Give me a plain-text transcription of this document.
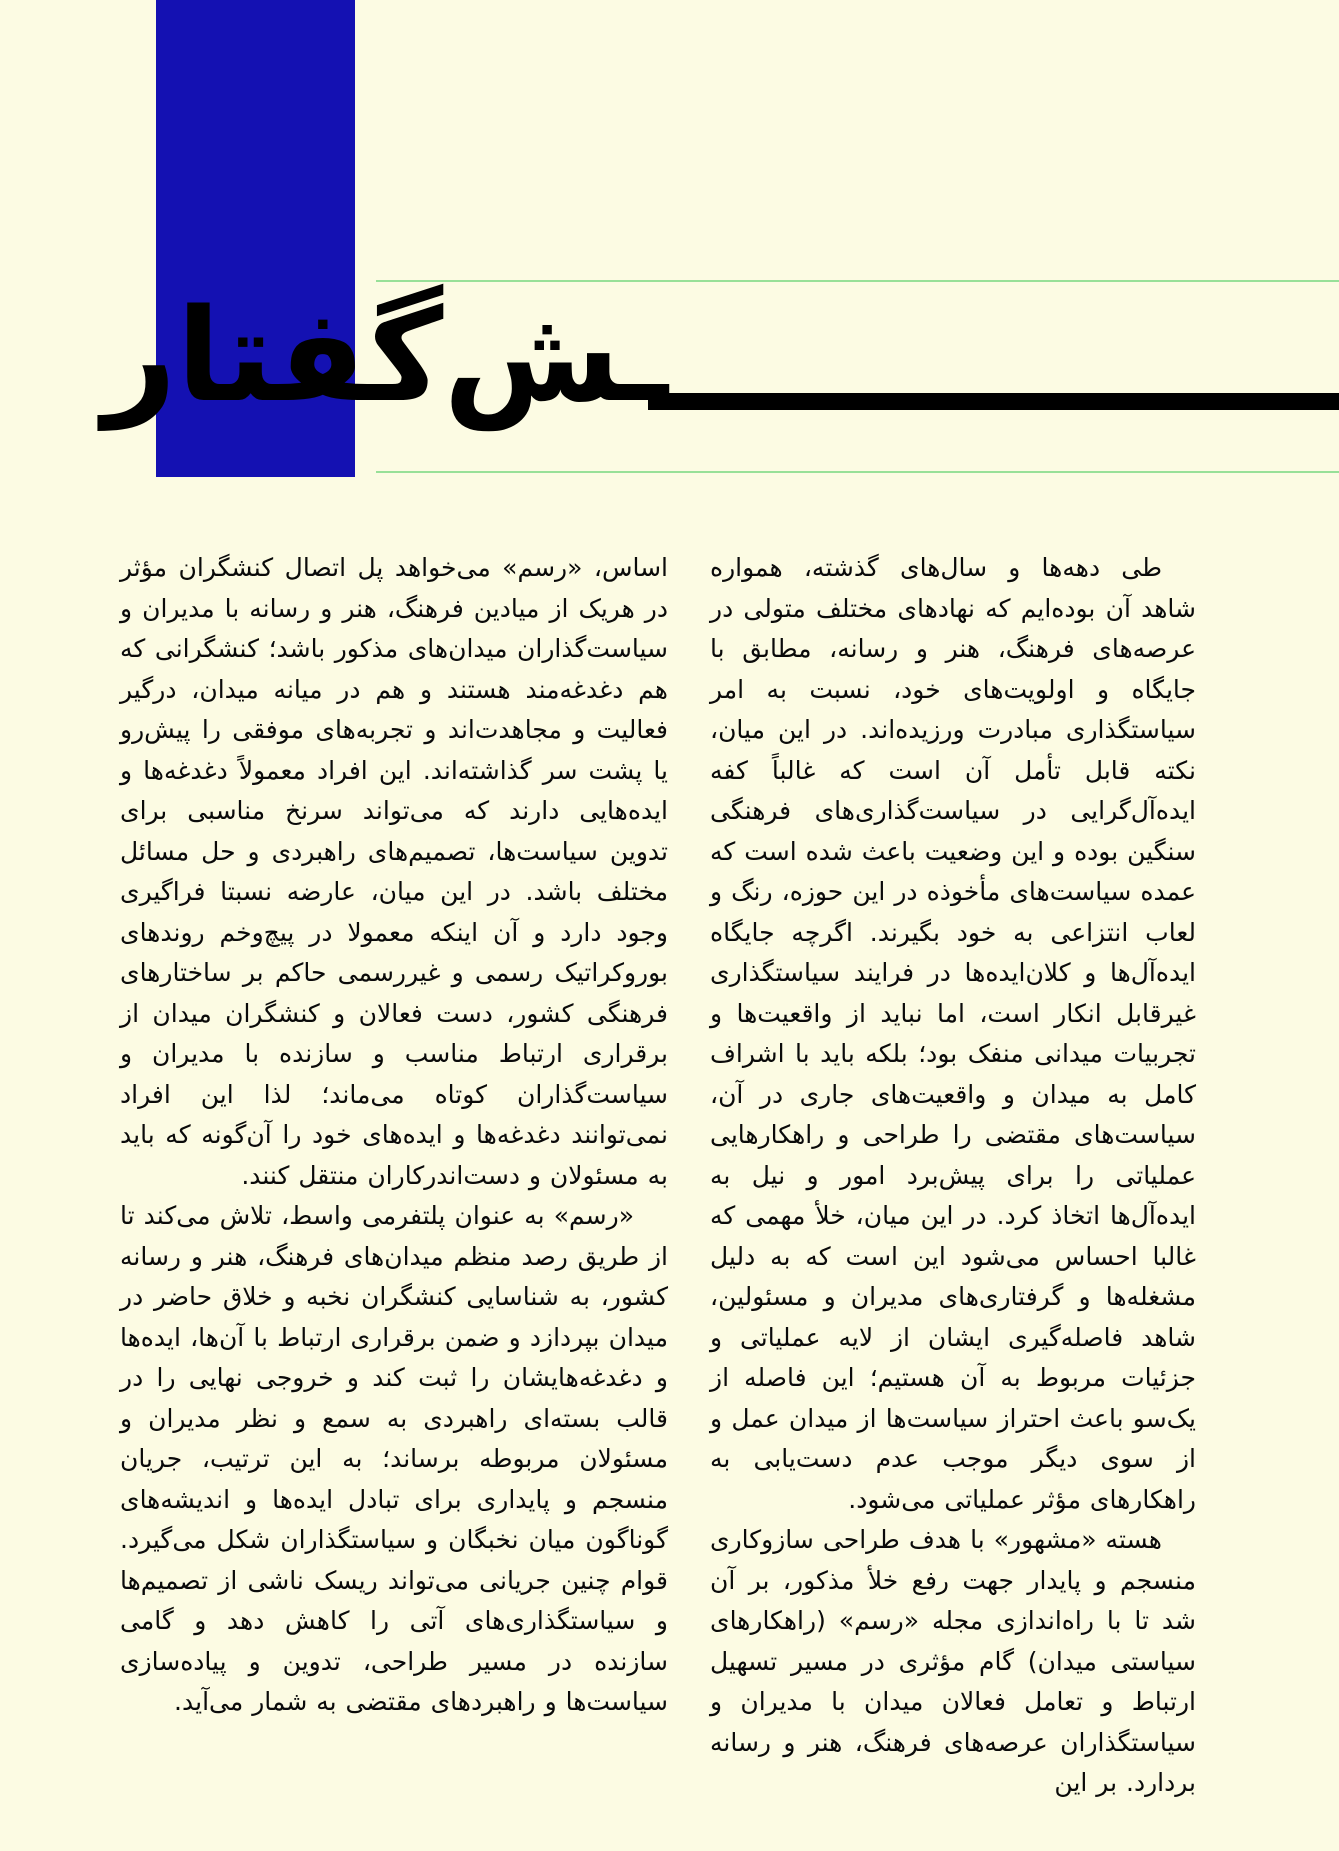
ـش‌گفتار

طی دهه‌ها و سال‌های گذشته، همواره شاهد آن بوده‌ایم که نهادهای مختلف متولی در عرصه‌های فرهنگ، هنر و رسانه، مطابق با جایگاه و اولویت‌های خود، نسبت به امر سیاستگذاری مبادرت ورزیده‌اند. در این میان، نکته قابل تأمل آن است که غالباً کفه ایده‌آل‌گرایی در سیاست‌گذاری‌های فرهنگی سنگین بوده و این وضعیت باعث شده است که عمده سیاست‌های مأخوذه در این حوزه، رنگ و لعاب انتزاعی به خود بگیرند. اگرچه جایگاه ایده‌آل‌ها و کلان‌ایده‌ها در فرایند سیاستگذاری غیرقابل انکار است، اما نباید از واقعیت‌ها و تجربیات میدانی منفک بود؛ بلکه باید با اشراف کامل به میدان و واقعیت‌های جاری در آن، سیاست‌های مقتضی را طراحی و راهکارهایی عملیاتی را برای پیش‌برد امور و نیل به ایده‌آل‌ها اتخاذ کرد. در این میان، خلأ مهمی که غالبا احساس می‌شود این است که به دلیل مشغله‌ها و گرفتاری‌های مدیران و مسئولین، شاهد فاصله‌گیری ایشان از لایه عملیاتی و جزئیات مربوط به آن هستیم؛ این فاصله از یک‌سو باعث احتراز سیاست‌ها از میدان عمل و از سوی دیگر موجب عدم دست‌یابی به راهکارهای مؤثر عملیاتی می‌شود.

هسته «مشهور» با هدف طراحی سازوکاری منسجم و پایدار جهت رفع خلأ مذکور، بر آن شد تا با راه‌اندازی مجله «رسم» (راهکارهای سیاستی میدان) گام مؤثری در مسیر تسهیل ارتباط و تعامل فعالان میدان با مدیران و سیاستگذاران عرصه‌های فرهنگ، هنر و رسانه بردارد. بر این

اساس، «رسم» می‌خواهد پل اتصال کنشگران مؤثر در هریک از میادین فرهنگ، هنر و رسانه با مدیران و سیاست‌گذاران میدان‌های مذکور باشد؛ کنشگرانی که هم دغدغه‌مند هستند و هم در میانه میدان، درگیر فعالیت و مجاهدت‌اند و تجربه‌های موفقی را پیش‌رو یا پشت سر گذاشته‌اند. این افراد معمولاً دغدغه‌ها و ایده‌هایی دارند که می‌تواند سرنخ مناسبی برای تدوین سیاست‌ها، تصمیم‌های راهبردی و حل مسائل مختلف باشد. در این میان، عارضه نسبتا فراگیری وجود دارد و آن اینکه معمولا در پیچ‌وخم روندهای بوروکراتیک رسمی و غیررسمی حاکم بر ساختارهای فرهنگی کشور، دست فعالان و کنشگران میدان از برقراری ارتباط مناسب و سازنده با مدیران و سیاست‌گذاران کوتاه می‌ماند؛ لذا این افراد نمی‌توانند دغدغه‌ها و ایده‌های خود را آن‌گونه که باید به مسئولان و دست‌اندرکاران منتقل کنند.

«رسم» به عنوان پلتفرمی واسط، تلاش می‌کند تا از طریق رصد منظم میدان‌های فرهنگ، هنر و رسانه کشور، به شناسایی کنشگران نخبه و خلاق حاضر در میدان بپردازد و ضمن برقراری ارتباط با آن‌ها، ایده‌ها و دغدغه‌هایشان را ثبت کند و خروجی نهایی را در قالب بسته‌ای راهبردی به سمع و نظر مدیران و مسئولان مربوطه برساند؛ به این ترتیب، جریان منسجم و پایداری برای تبادل ایده‌ها و اندیشه‌های گوناگون میان نخبگان و سیاستگذاران شکل می‌گیرد. قوام چنین جریانی می‌تواند ریسک ناشی از تصمیم‌ها و سیاستگذاری‌های آتی را کاهش دهد و گامی سازنده در مسیر طراحی، تدوین و پیاده‌سازی سیاست‌ها و راهبردهای مقتضی به شمار می‌آید.
